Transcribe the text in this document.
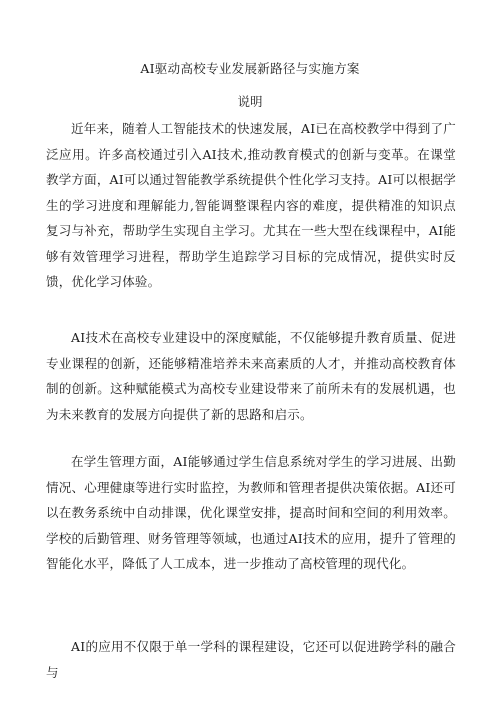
AI驱动高校专业发展新路径与实施方案
说明

近年来，随着人工智能技术的快速发展，AI已在高校教学中得到了广泛应用。许多高校通过引入AI技术,推动教育模式的创新与变革。在课堂教学方面，AI可以通过智能教学系统提供个性化学习支持。AI可以根据学生的学习进度和理解能力,智能调整课程内容的难度，提供精准的知识点复习与补充，帮助学生实现自主学习。尤其在一些大型在线课程中，AI能够有效管理学习进程，帮助学生追踪学习目标的完成情况，提供实时反馈，优化学习体验。

AI技术在高校专业建设中的深度赋能，不仅能够提升教育质量、促进专业课程的创新，还能够精准培养未来高素质的人才，并推动高校教育体制的创新。这种赋能模式为高校专业建设带来了前所未有的发展机遇，也为未来教育的发展方向提供了新的思路和启示。

在学生管理方面，AI能够通过学生信息系统对学生的学习进展、出勤情况、心理健康等进行实时监控，为教师和管理者提供决策依据。AI还可以在教务系统中自动排课，优化课堂安排，提高时间和空间的利用效率。学校的后勤管理、财务管理等领域，也通过AI技术的应用，提升了管理的智能化水平，降低了人工成本，进一步推动了高校管理的现代化。

AI的应用不仅限于单一学科的课程建设，它还可以促进跨学科的融合与
